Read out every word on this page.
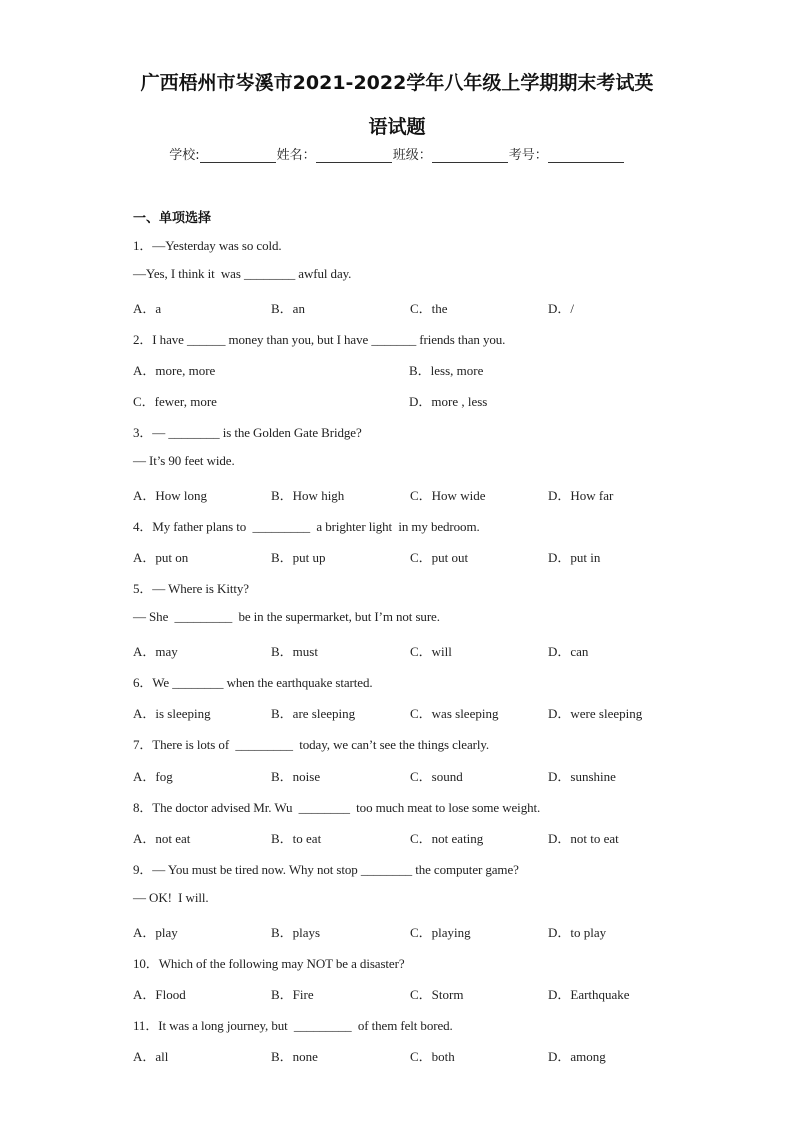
广西梧州市岑溪市2021-2022学年八年级上学期期末考试英
语试题
学校:	姓名：	班级：	考号：
一、单项选择
1．—Yesterday was so cold.
—Yes, I think it  was ________ awful day.
A．a	B．an	C．the	D．/
2．I have ______ money than you, but I have _______ friends than you.
A．more, more	B．less, more
C．fewer, more	D．more , less
3．— ________ is the Golden Gate Bridge?
— It’s 90 feet wide.
A．How long	B．How high	C．How wide	D．How far
4．My father plans to  _________  a brighter light  in my bedroom.
A．put on	B．put up	C．put out	D．put in
5．— Where is Kitty?
— She  _________  be in the supermarket, but I’m not sure.
A．may	B．must	C．will	D．can
6．We ________ when the earthquake started.
A．is sleeping	B．are sleeping	C．was sleeping	D．were sleeping
7．There is lots of  _________  today, we can’t see the things clearly.
A．fog	B．noise	C．sound	D．sunshine
8．The doctor advised Mr. Wu  ________  too much meat to lose some weight.
A．not eat	B．to eat	C．not eating	D．not to eat
9．— You must be tired now. Why not stop ________ the computer game?
— OK!  I will.
A．play	B．plays	C．playing	D．to play
10．Which of the following may NOT be a disaster?
A．Flood	B．Fire	C．Storm	D．Earthquake
11．It was a long journey, but  _________  of them felt bored.
A．all	B．none	C．both	D．among
